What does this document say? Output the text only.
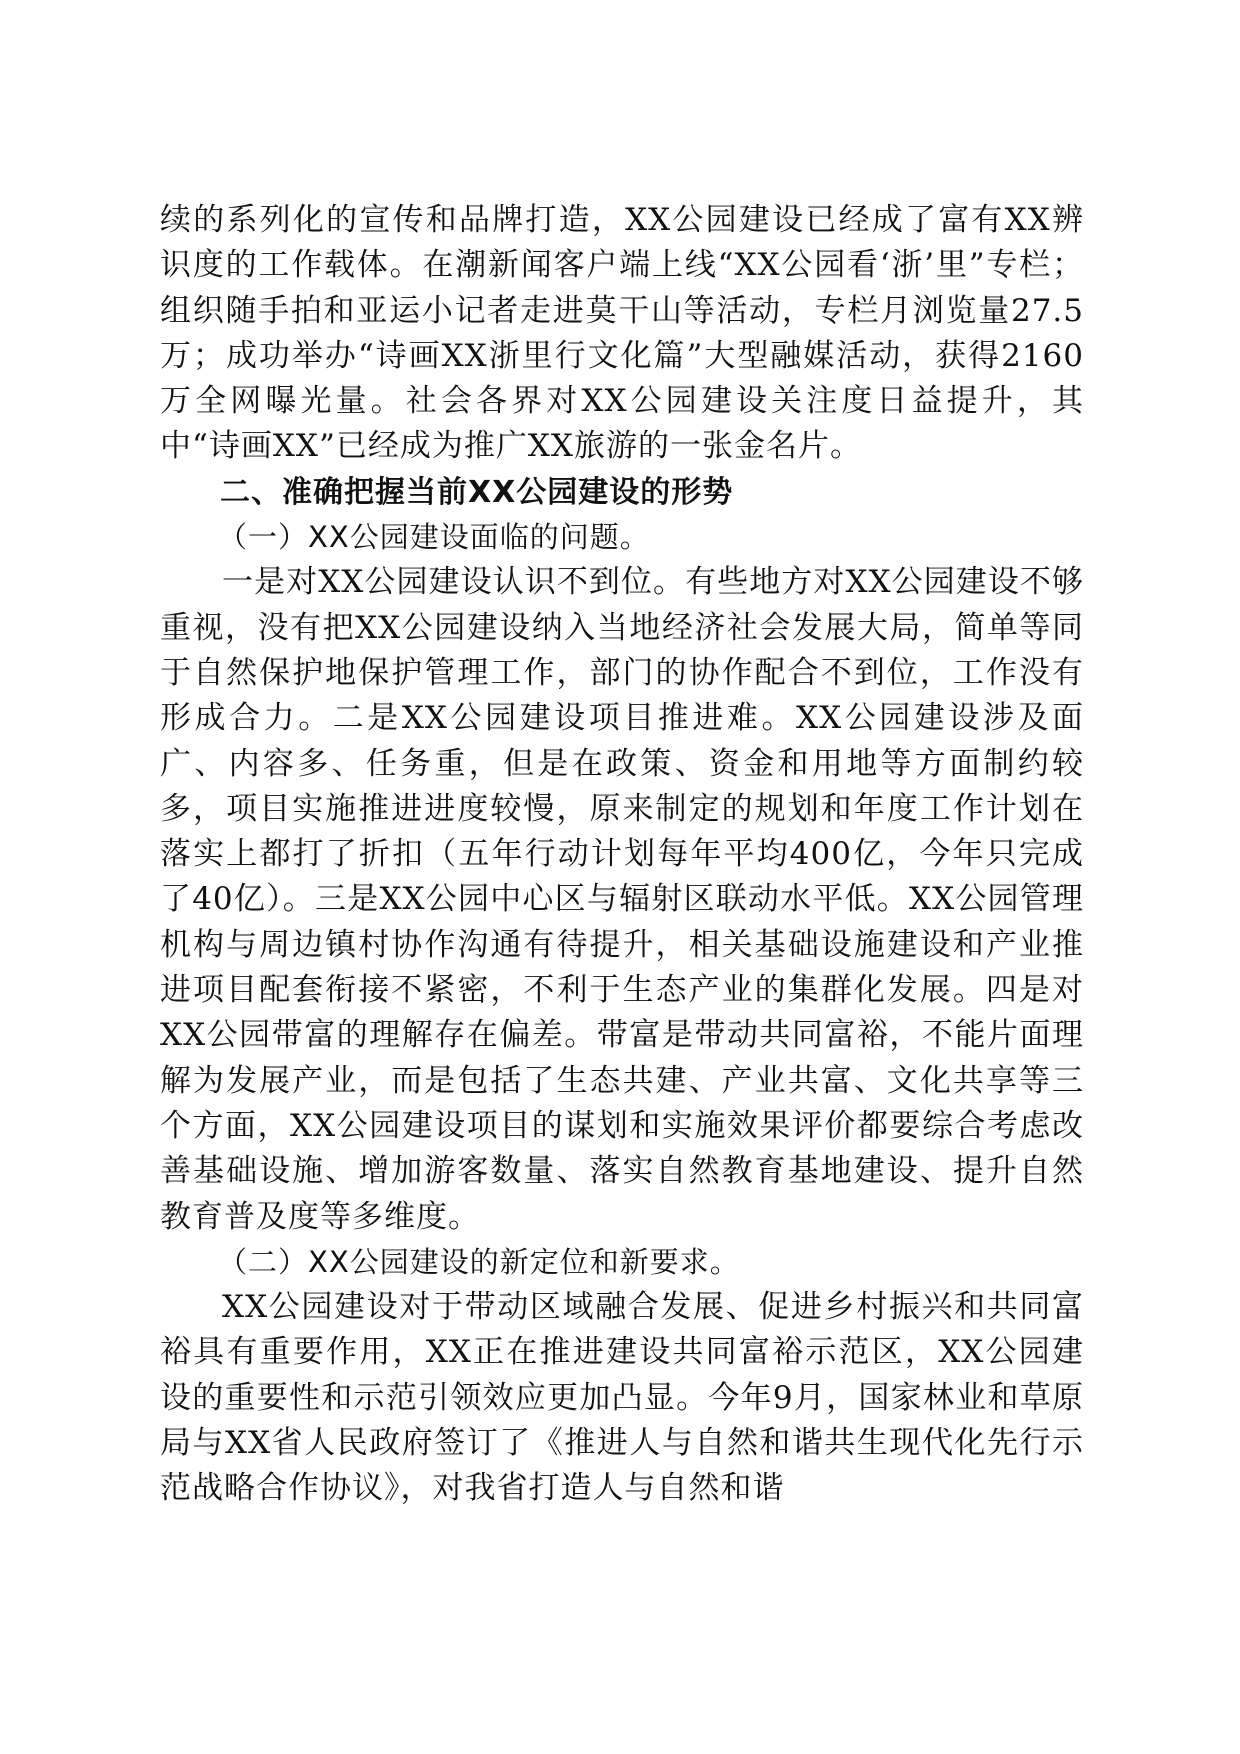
续的系列化的宣传和品牌打造，XX公园建设已经成了富有XX辨识度的工作载体。在潮新闻客户端上线“XX公园看‘浙’里”专栏；组织随手拍和亚运小记者走进莫干山等活动，专栏月浏览量27.5万；成功举办“诗画XX浙里行文化篇”大型融媒活动，获得2160万全网曝光量。社会各界对XX公园建设关注度日益提升，其中“诗画XX”已经成为推广XX旅游的一张金名片。

二、准确把握当前XX公园建设的形势

（一）XX公园建设面临的问题。

一是对XX公园建设认识不到位。有些地方对XX公园建设不够重视，没有把XX公园建设纳入当地经济社会发展大局，简单等同于自然保护地保护管理工作，部门的协作配合不到位，工作没有形成合力。二是XX公园建设项目推进难。XX公园建设涉及面广、内容多、任务重，但是在政策、资金和用地等方面制约较多，项目实施推进进度较慢，原来制定的规划和年度工作计划在落实上都打了折扣（五年行动计划每年平均400亿，今年只完成了40亿）。三是XX公园中心区与辐射区联动水平低。XX公园管理机构与周边镇村协作沟通有待提升，相关基础设施建设和产业推进项目配套衔接不紧密，不利于生态产业的集群化发展。四是对XX公园带富的理解存在偏差。带富是带动共同富裕，不能片面理解为发展产业，而是包括了生态共建、产业共富、文化共享等三个方面，XX公园建设项目的谋划和实施效果评价都要综合考虑改善基础设施、增加游客数量、落实自然教育基地建设、提升自然教育普及度等多维度。

（二）XX公园建设的新定位和新要求。

XX公园建设对于带动区域融合发展、促进乡村振兴和共同富裕具有重要作用，XX正在推进建设共同富裕示范区，XX公园建设的重要性和示范引领效应更加凸显。今年9月，国家林业和草原局与XX省人民政府签订了《推进人与自然和谐共生现代化先行示范战略合作协议》，对我省打造人与自然和谐
